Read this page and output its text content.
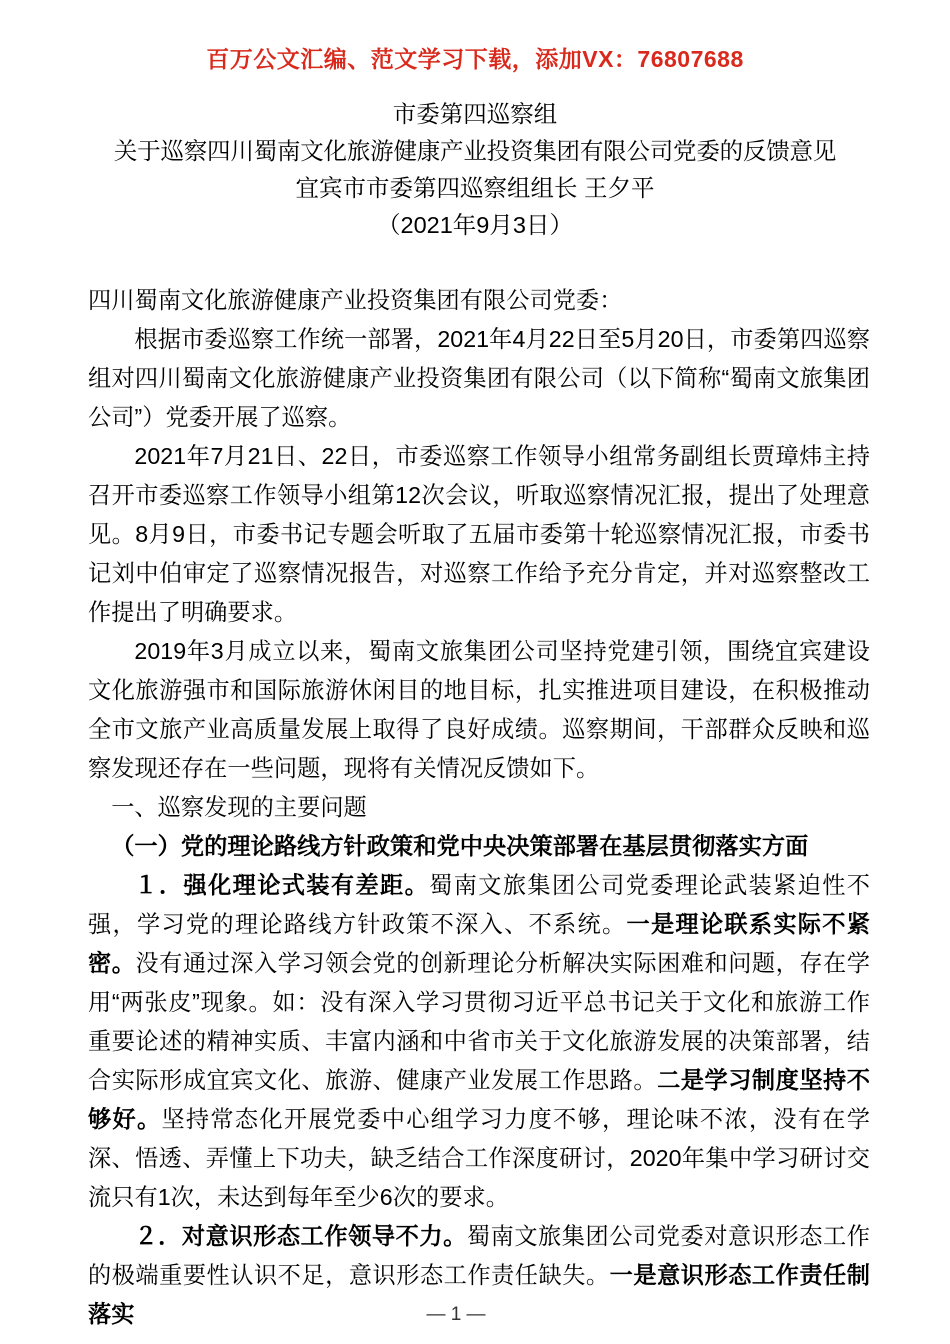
百万公文汇编、范文学习下载，添加VX：76807688
市委第四巡察组
关于巡察四川蜀南文化旅游健康产业投资集团有限公司党委的反馈意见
宜宾市市委第四巡察组组长 王夕平
（2021年9月3日）

四川蜀南文化旅游健康产业投资集团有限公司党委：

根据市委巡察工作统一部署，2021年4月22日至5月20日，市委第四巡察组对四川蜀南文化旅游健康产业投资集团有限公司（以下简称“蜀南文旅集团公司”）党委开展了巡察。

2021年7月21日、22日，市委巡察工作领导小组常务副组长贾璋炜主持召开市委巡察工作领导小组第12次会议，听取巡察情况汇报，提出了处理意见。8月9日，市委书记专题会听取了五届市委第十轮巡察情况汇报，市委书记刘中伯审定了巡察情况报告，对巡察工作给予充分肯定，并对巡察整改工作提出了明确要求。

2019年3月成立以来，蜀南文旅集团公司坚持党建引领，围绕宜宾建设文化旅游强市和国际旅游休闲目的地目标，扎实推进项目建设，在积极推动全市文旅产业高质量发展上取得了良好成绩。巡察期间，干部群众反映和巡察发现还存在一些问题，现将有关情况反馈如下。

一、巡察发现的主要问题

（一）党的理论路线方针政策和党中央决策部署在基层贯彻落实方面

１．强化理论式装有差距。蜀南文旅集团公司党委理论武装紧迫性不强，学习党的理论路线方针政策不深入、不系统。一是理论联系实际不紧密。没有通过深入学习领会党的创新理论分析解决实际困难和问题，存在学用“两张皮”现象。如：没有深入学习贯彻习近平总书记关于文化和旅游工作重要论述的精神实质、丰富内涵和中省市关于文化旅游发展的决策部署，结合实际形成宜宾文化、旅游、健康产业发展工作思路。二是学习制度坚持不够好。坚持常态化开展党委中心组学习力度不够，理论味不浓，没有在学深、悟透、弄懂上下功夫，缺乏结合工作深度研讨，2020年集中学习研讨交流只有1次，未达到每年至少6次的要求。

２．对意识形态工作领导不力。蜀南文旅集团公司党委对意识形态工作的极端重要性认识不足，意识形态工作责任缺失。一是意识形态工作责任制落实	— 1 —
